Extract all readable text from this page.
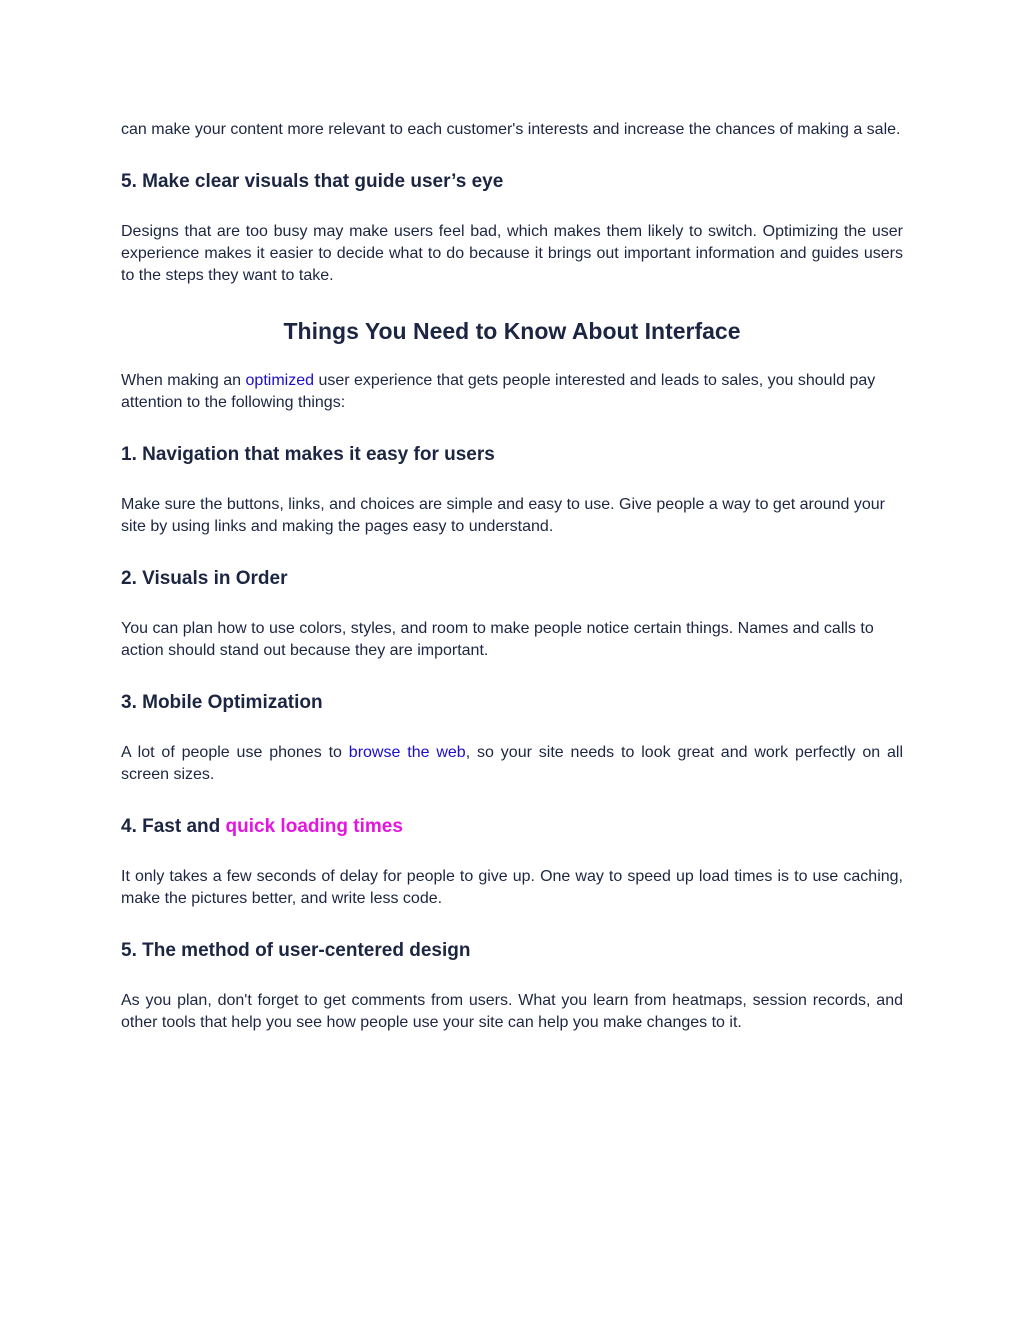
can make your content more relevant to each customer's interests and increase the chances of making a sale.

5. Make clear visuals that guide user’s eye

Designs that are too busy may make users feel bad, which makes them likely to switch. Optimizing the user experience makes it easier to decide what to do because it brings out important information and guides users to the steps they want to take.

Things You Need to Know About Interface

When making an optimized user experience that gets people interested and leads to sales, you should pay attention to the following things:

1. Navigation that makes it easy for users

Make sure the buttons, links, and choices are simple and easy to use. Give people a way to get around your site by using links and making the pages easy to understand.

2. Visuals in Order

You can plan how to use colors, styles, and room to make people notice certain things. Names and calls to action should stand out because they are important.

3. Mobile Optimization

A lot of people use phones to browse the web, so your site needs to look great and work perfectly on all screen sizes.

4. Fast and quick loading times

It only takes a few seconds of delay for people to give up. One way to speed up load times is to use caching, make the pictures better, and write less code.

5. The method of user-centered design

As you plan, don't forget to get comments from users. What you learn from heatmaps, session records, and other tools that help you see how people use your site can help you make changes to it.
